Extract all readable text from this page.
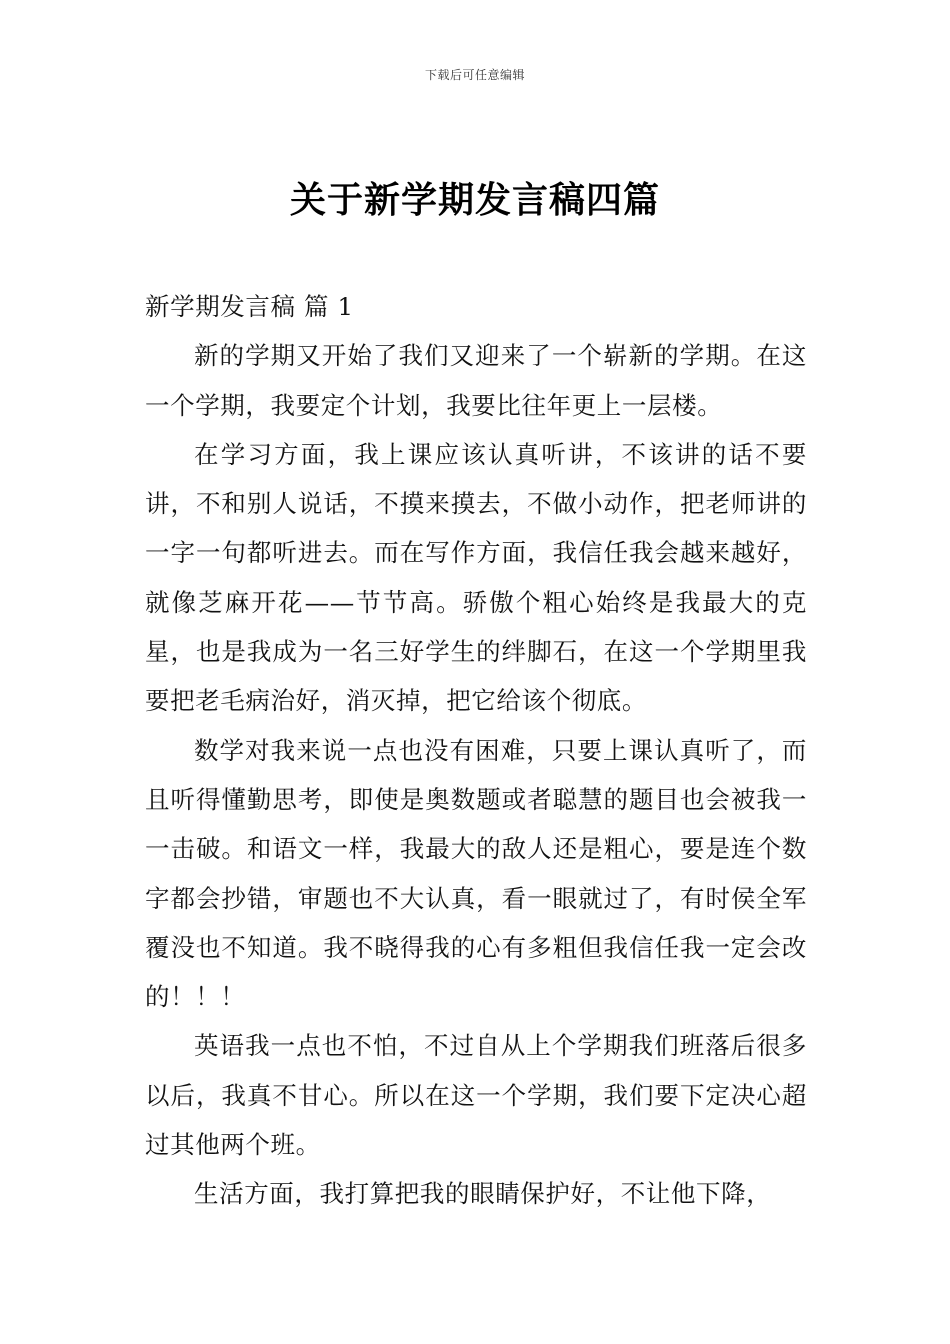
下载后可任意编辑
关于新学期发言稿四篇

新学期发言稿 篇 1

新的学期又开始了我们又迎来了一个崭新的学期。在这一个学期，我要定个计划，我要比往年更上一层楼。

在学习方面，我上课应该认真听讲，不该讲的话不要讲，不和别人说话，不摸来摸去，不做小动作，把老师讲的一字一句都听进去。而在写作方面，我信任我会越来越好，就像芝麻开花——节节高。骄傲个粗心始终是我最大的克星，也是我成为一名三好学生的绊脚石，在这一个学期里我要把老毛病治好，消灭掉，把它给该个彻底。

数学对我来说一点也没有困难，只要上课认真听了，而且听得懂勤思考，即使是奥数题或者聪慧的题目也会被我一一击破。和语文一样，我最大的敌人还是粗心，要是连个数字都会抄错，审题也不大认真，看一眼就过了，有时侯全军覆没也不知道。我不晓得我的心有多粗但我信任我一定会改的！！！

英语我一点也不怕，不过自从上个学期我们班落后很多以后，我真不甘心。所以在这一个学期，我们要下定决心超过其他两个班。

生活方面，我打算把我的眼睛保护好，不让他下降，
